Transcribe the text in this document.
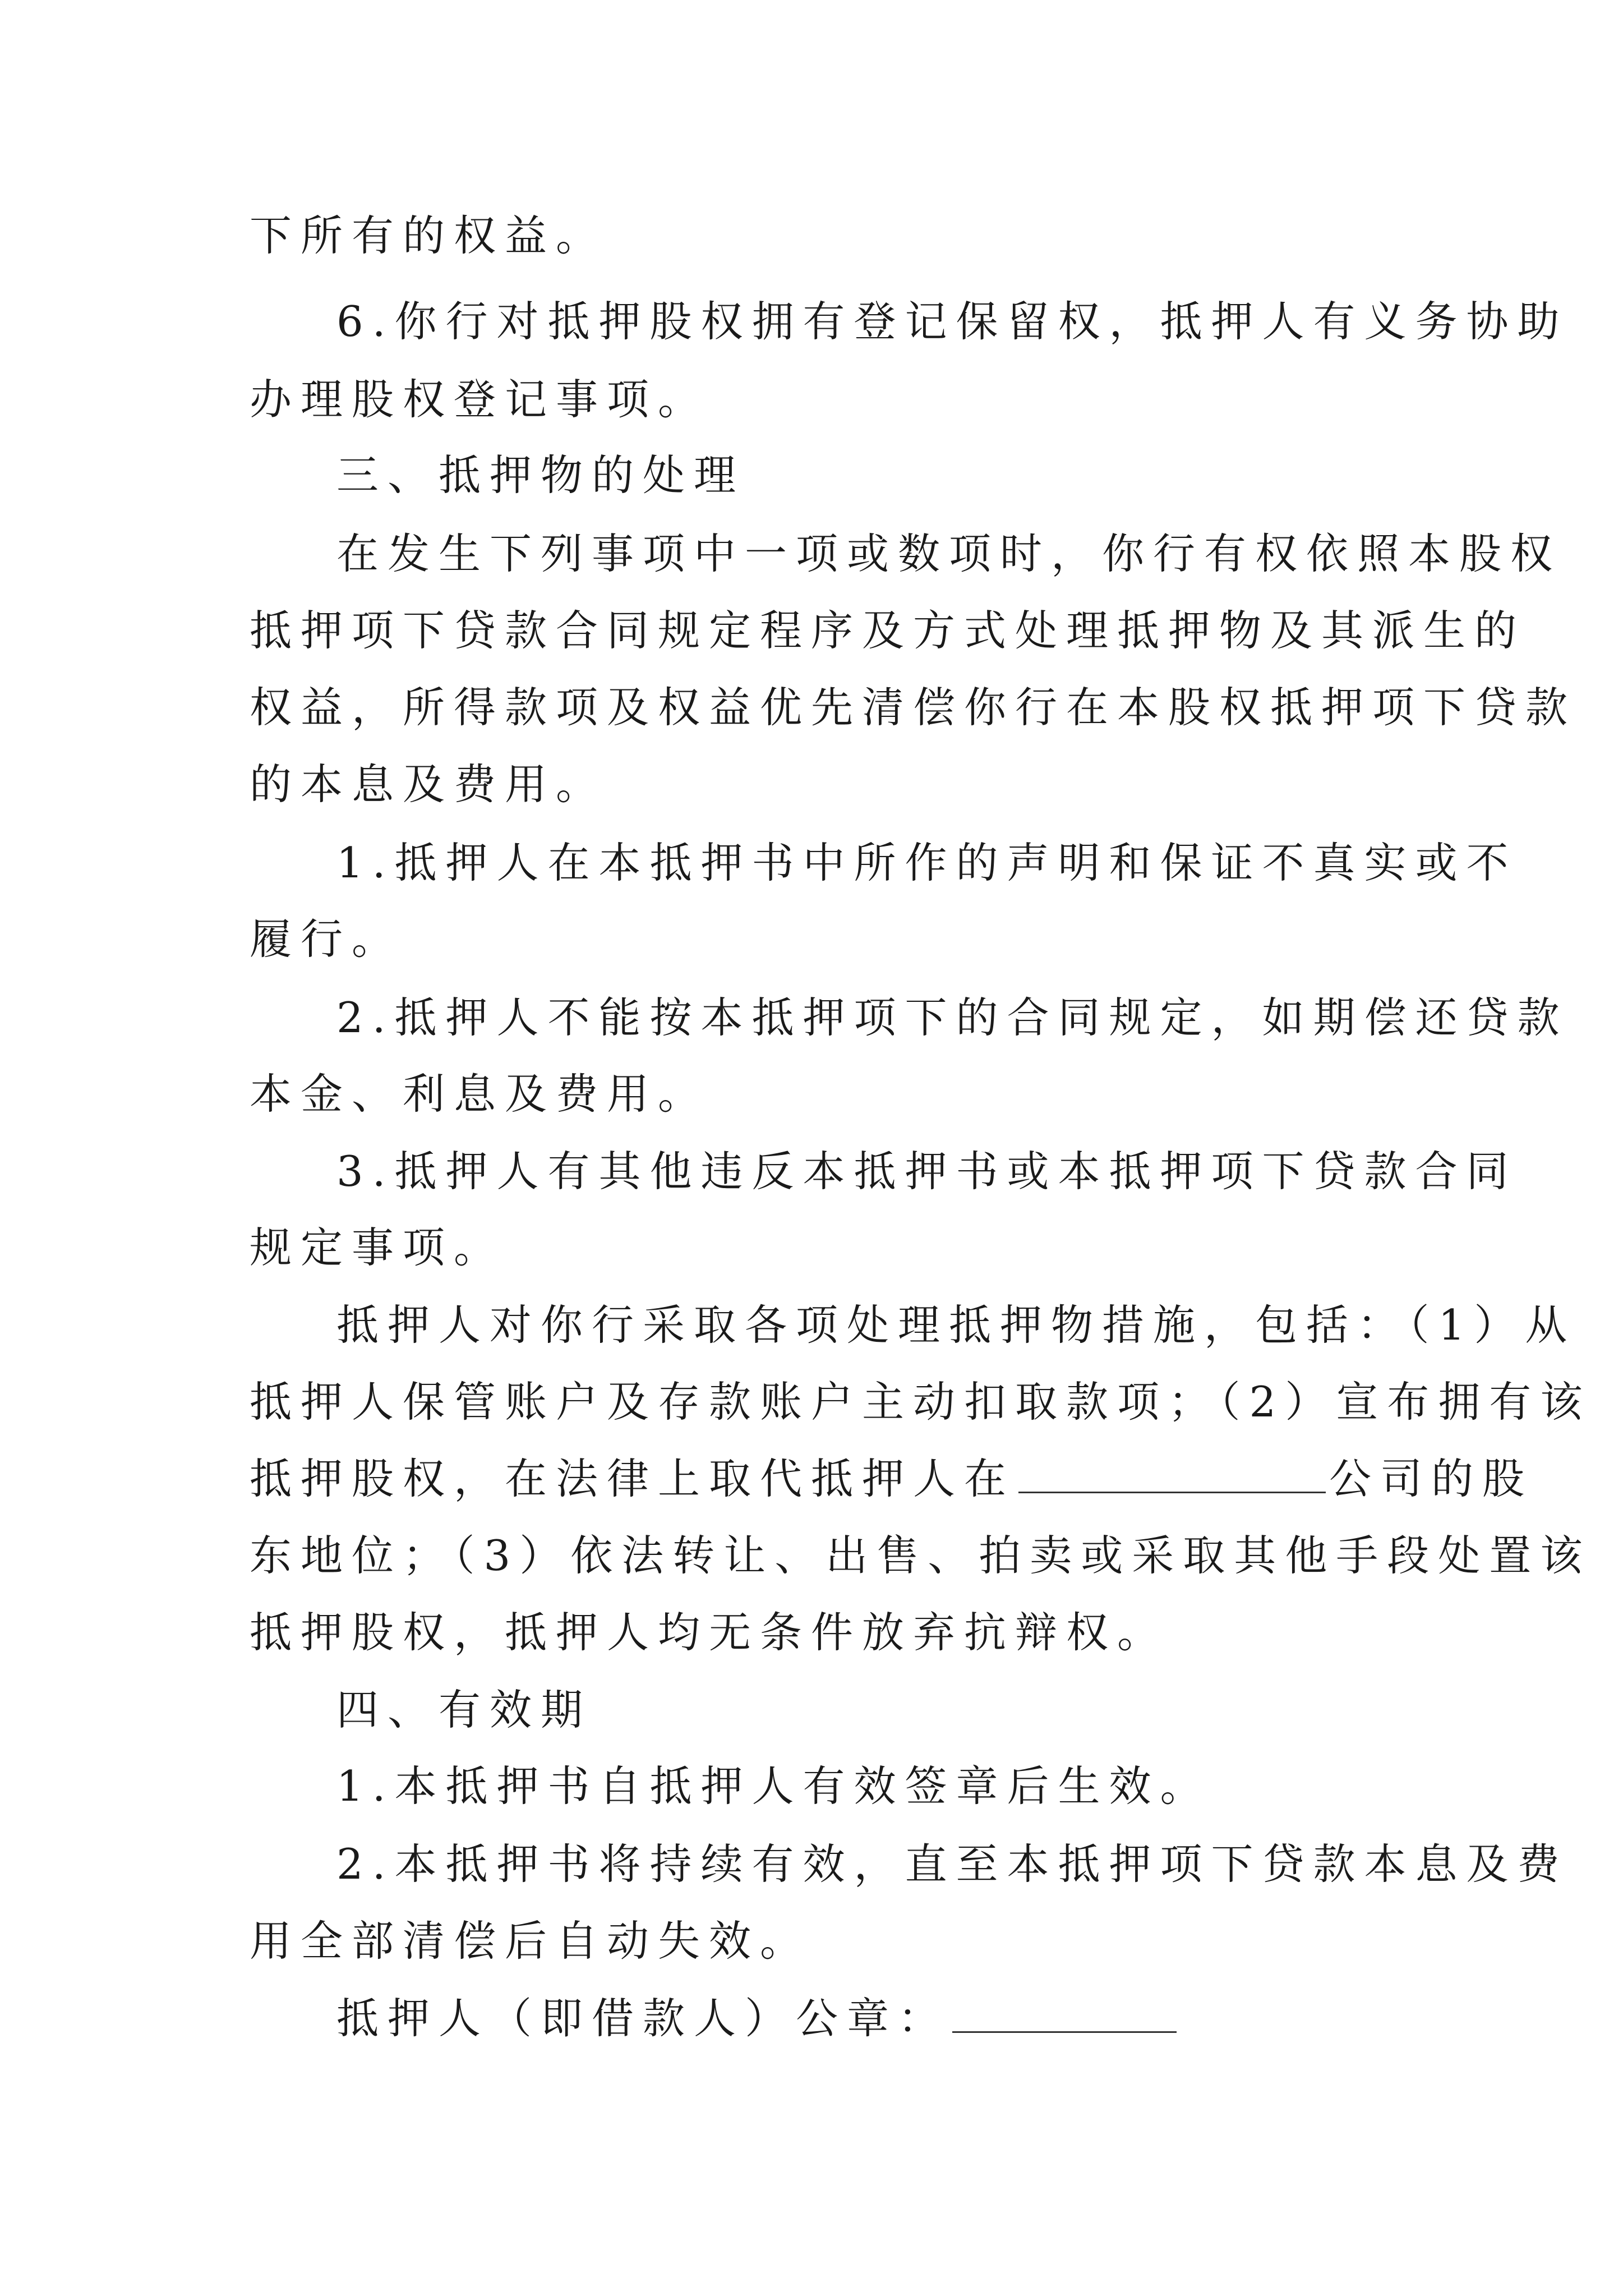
下所有的权益。
6.你行对抵押股权拥有登记保留权，抵押人有义务协助
办理股权登记事项。
三、抵押物的处理
在发生下列事项中一项或数项时，你行有权依照本股权
抵押项下贷款合同规定程序及方式处理抵押物及其派生的
权益，所得款项及权益优先清偿你行在本股权抵押项下贷款
的本息及费用。
1.抵押人在本抵押书中所作的声明和保证不真实或不
履行。
2.抵押人不能按本抵押项下的合同规定，如期偿还贷款
本金、利息及费用。
3.抵押人有其他违反本抵押书或本抵押项下贷款合同
规定事项。
抵押人对你行采取各项处理抵押物措施，包括：（1）从
抵押人保管账户及存款账户主动扣取款项；（2）宣布拥有该
抵押股权，在法律上取代抵押人在	公司的股
东地位；（3）依法转让、出售、拍卖或采取其他手段处置该
抵押股权，抵押人均无条件放弃抗辩权。
四、有效期
1.本抵押书自抵押人有效签章后生效。
2.本抵押书将持续有效，直至本抵押项下贷款本息及费
用全部清偿后自动失效。
抵押人（即借款人）公章：
